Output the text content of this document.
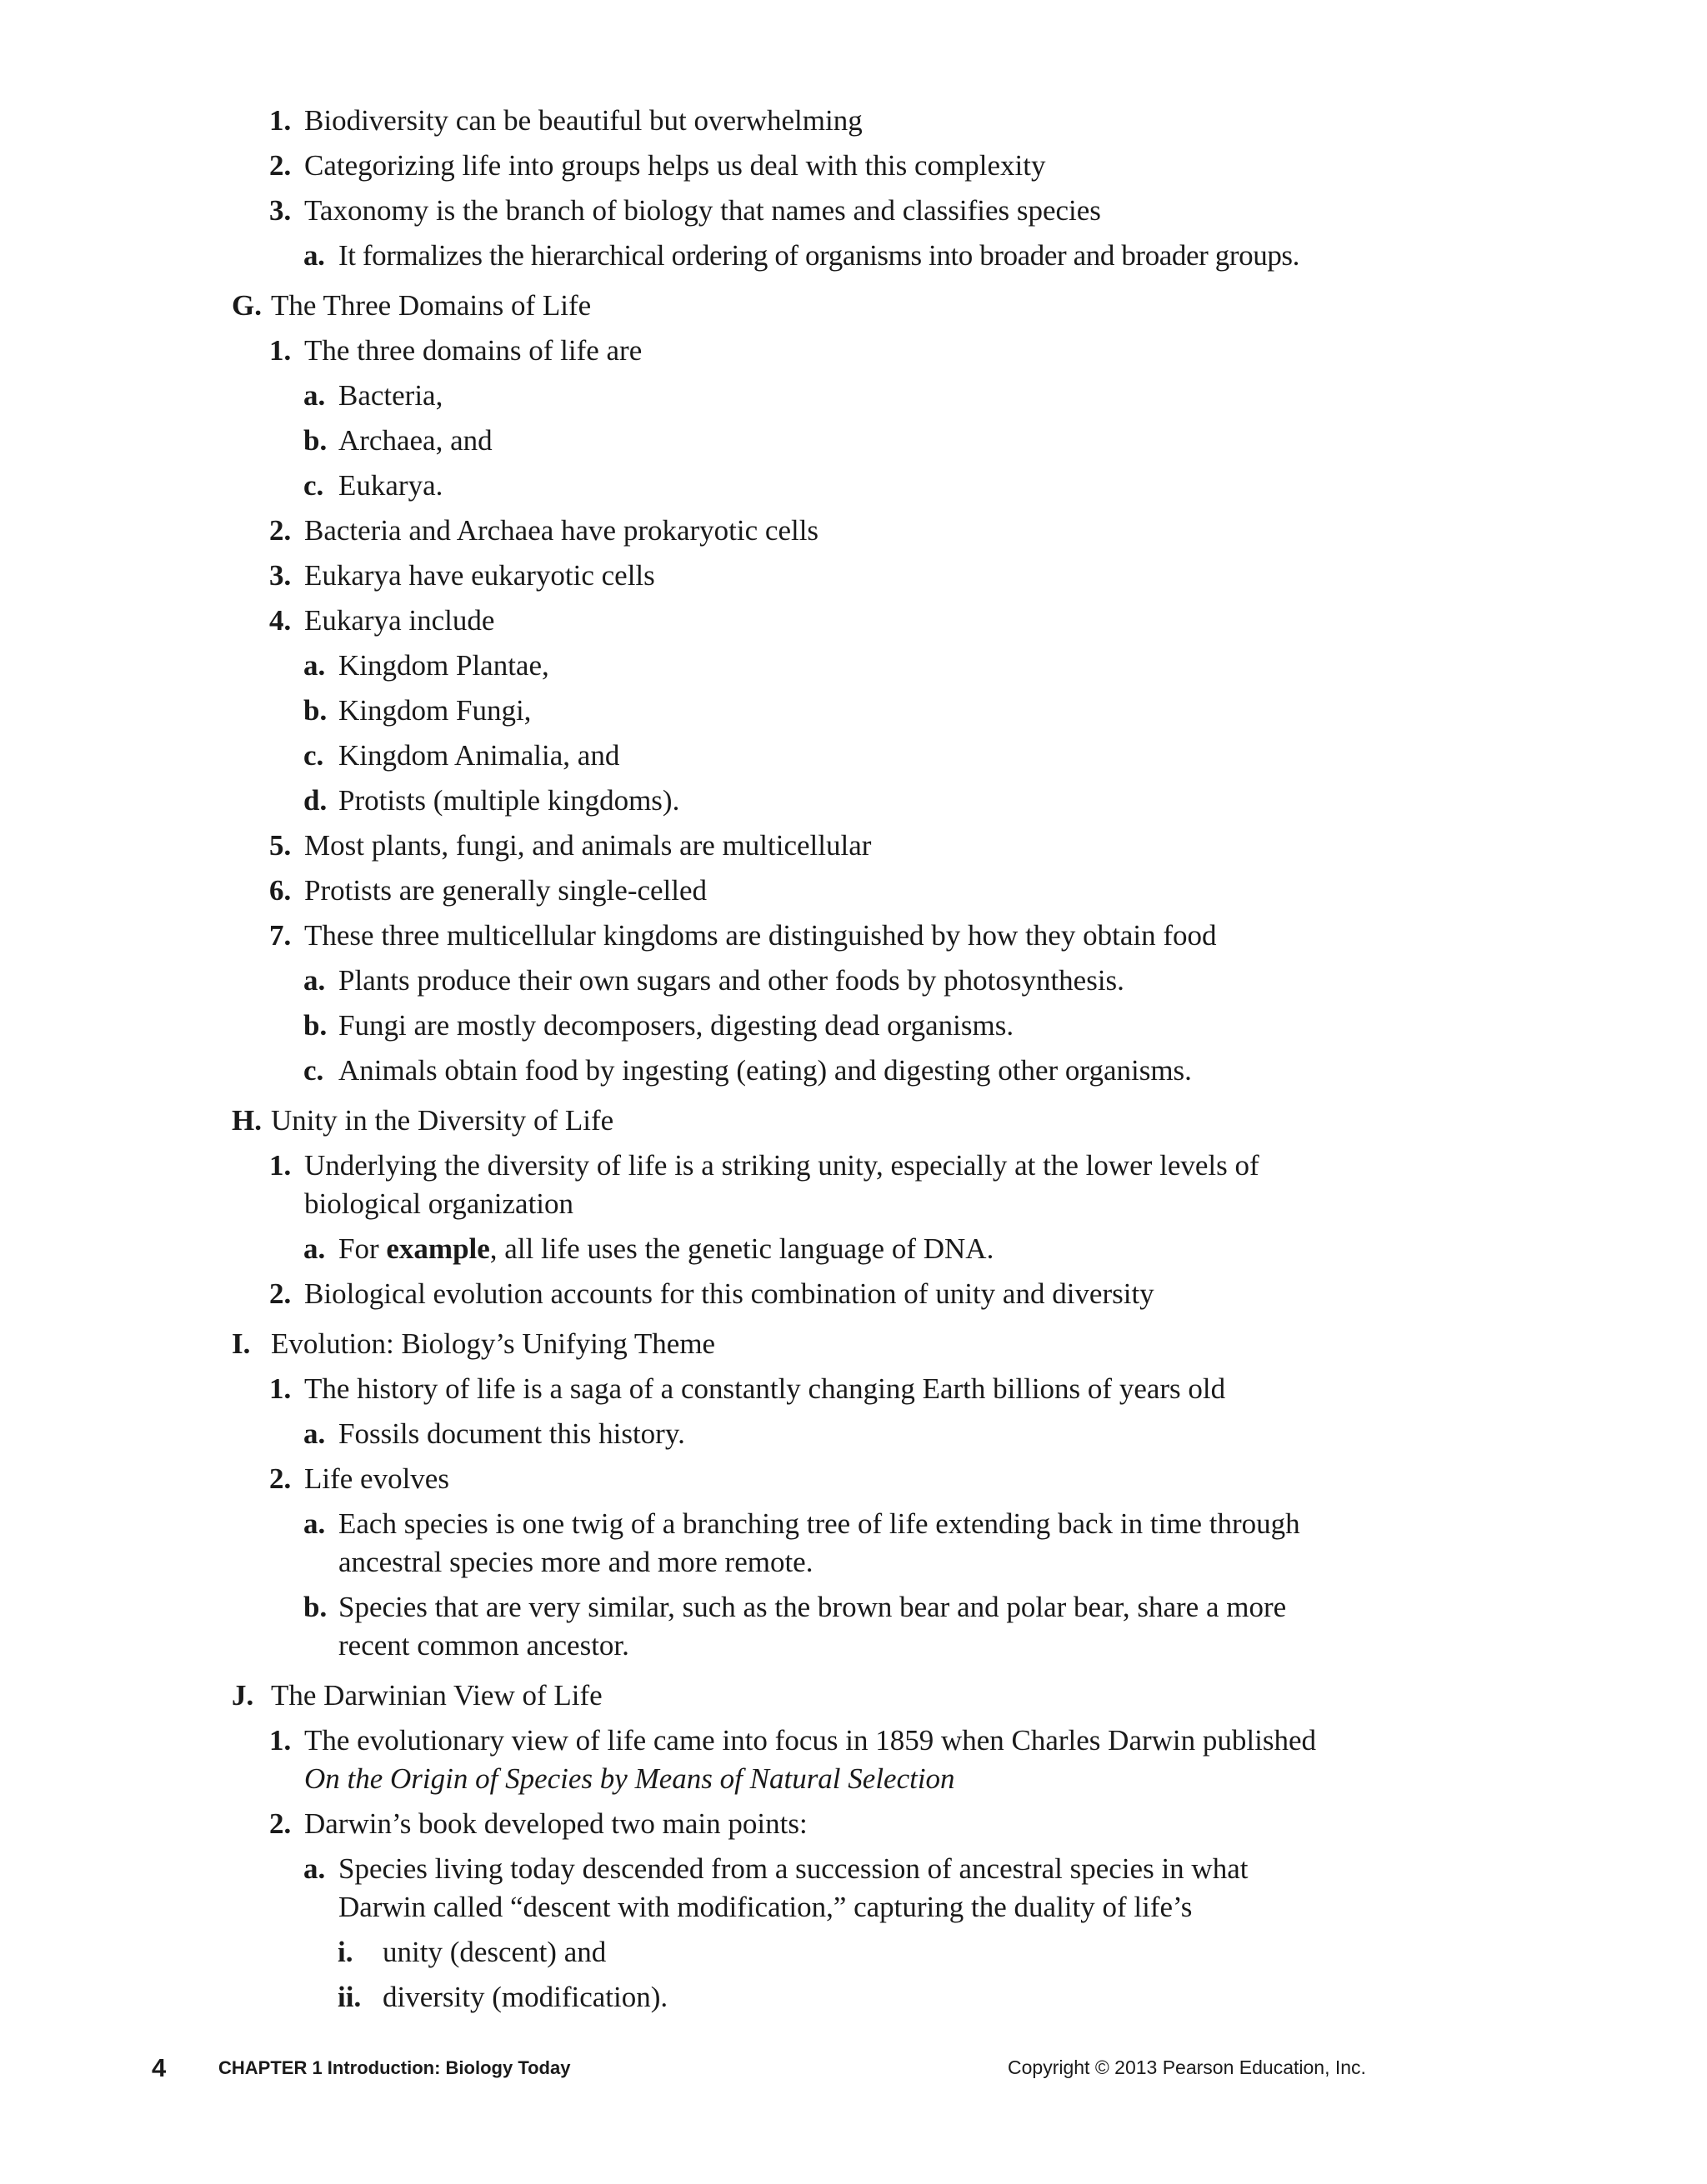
1. Biodiversity can be beautiful but overwhelming
2. Categorizing life into groups helps us deal with this complexity
3. Taxonomy is the branch of biology that names and classifies species
a. It formalizes the hierarchical ordering of organisms into broader and broader groups.
G. The Three Domains of Life
1. The three domains of life are
a. Bacteria,
b. Archaea, and
c. Eukarya.
2. Bacteria and Archaea have prokaryotic cells
3. Eukarya have eukaryotic cells
4. Eukarya include
a. Kingdom Plantae,
b. Kingdom Fungi,
c. Kingdom Animalia, and
d. Protists (multiple kingdoms).
5. Most plants, fungi, and animals are multicellular
6. Protists are generally single-celled
7. These three multicellular kingdoms are distinguished by how they obtain food
a. Plants produce their own sugars and other foods by photosynthesis.
b. Fungi are mostly decomposers, digesting dead organisms.
c. Animals obtain food by ingesting (eating) and digesting other organisms.
H. Unity in the Diversity of Life
1. Underlying the diversity of life is a striking unity, especially at the lower levels of
biological organization
a. For example, all life uses the genetic language of DNA.
2. Biological evolution accounts for this combination of unity and diversity
I. Evolution: Biology’s Unifying Theme
1. The history of life is a saga of a constantly changing Earth billions of years old
a. Fossils document this history.
2. Life evolves
a. Each species is one twig of a branching tree of life extending back in time through
ancestral species more and more remote.
b. Species that are very similar, such as the brown bear and polar bear, share a more
recent common ancestor.
J. The Darwinian View of Life
1. The evolutionary view of life came into focus in 1859 when Charles Darwin published
On the Origin of Species by Means of Natural Selection
2. Darwin’s book developed two main points:
a. Species living today descended from a succession of ancestral species in what
Darwin called “descent with modification,” capturing the duality of life’s
i. unity (descent) and
ii. diversity (modification).
4	CHAPTER 1 Introduction: Biology Today	Copyright © 2013 Pearson Education, Inc.
